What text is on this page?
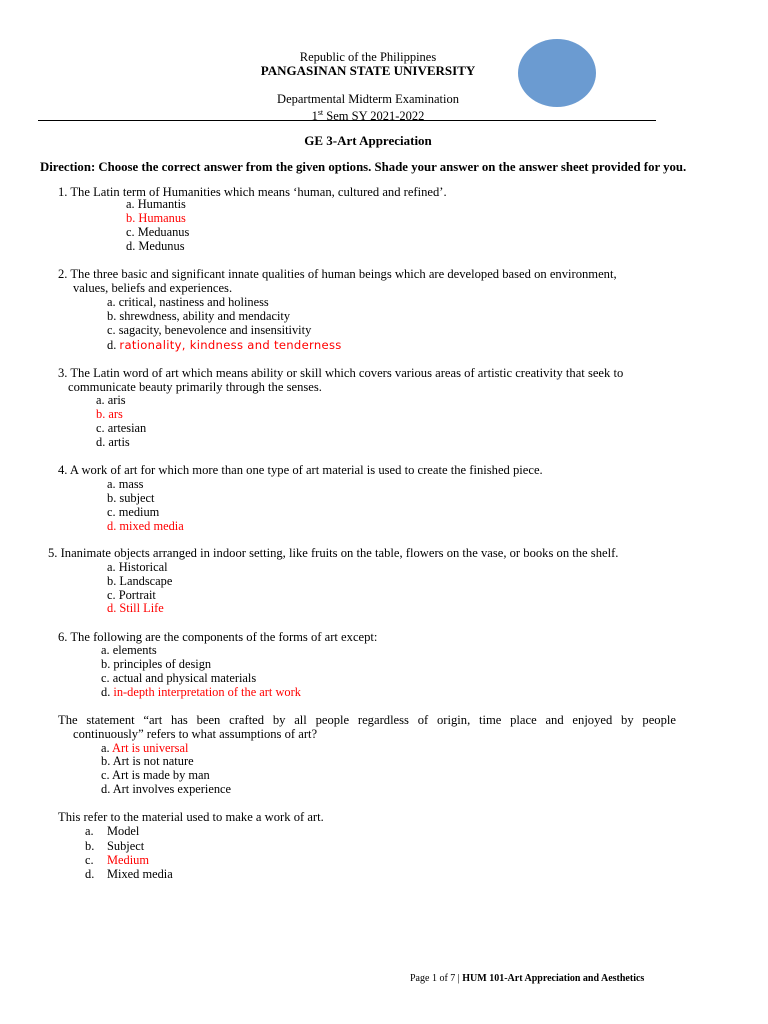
Republic of the Philippines
PANGASINAN STATE UNIVERSITY
Departmental Midterm Examination
1st Sem SY 2021-2022
GE 3-Art Appreciation
Direction: Choose the correct answer from the given options. Shade your answer on the answer sheet provided for you.
1. The Latin term of Humanities which means ‘human, cultured and refined’.
a. Humantis
b. Humanus
c. Meduanus
d. Medunus
2. The three basic and significant innate qualities of human beings which are developed based on environment,
values, beliefs and experiences.
a. critical, nastiness and holiness
b. shrewdness, ability and mendacity
c. sagacity, benevolence and insensitivity
d. rationality, kindness and tenderness
3. The Latin word of art which means ability or skill which covers various areas of artistic creativity that seek to
communicate beauty primarily through the senses.
a. aris
b. ars
c. artesian
d. artis
4. A work of art for which more than one type of art material is used to create the finished piece.
a. mass
b. subject
c. medium
d. mixed media
5. Inanimate objects arranged in indoor setting, like fruits on the table, flowers on the vase, or books on the shelf.
a. Historical
b. Landscape
c. Portrait
d. Still Life
6. The following are the components of the forms of art except:
a. elements
b. principles of design
c. actual and physical materials
d. in-depth interpretation of the art work
The statement “art has been crafted by all people regardless of origin, time place and enjoyed by people
continuously” refers to what assumptions of art?
a. Art is universal
b. Art is not nature
c. Art is made by man
d. Art involves experience
This refer to the material used to make a work of art.
a. Model
b. Subject
c. Medium
d. Mixed media
Page 1 of 7 | HUM 101-Art Appreciation and Aesthetics
